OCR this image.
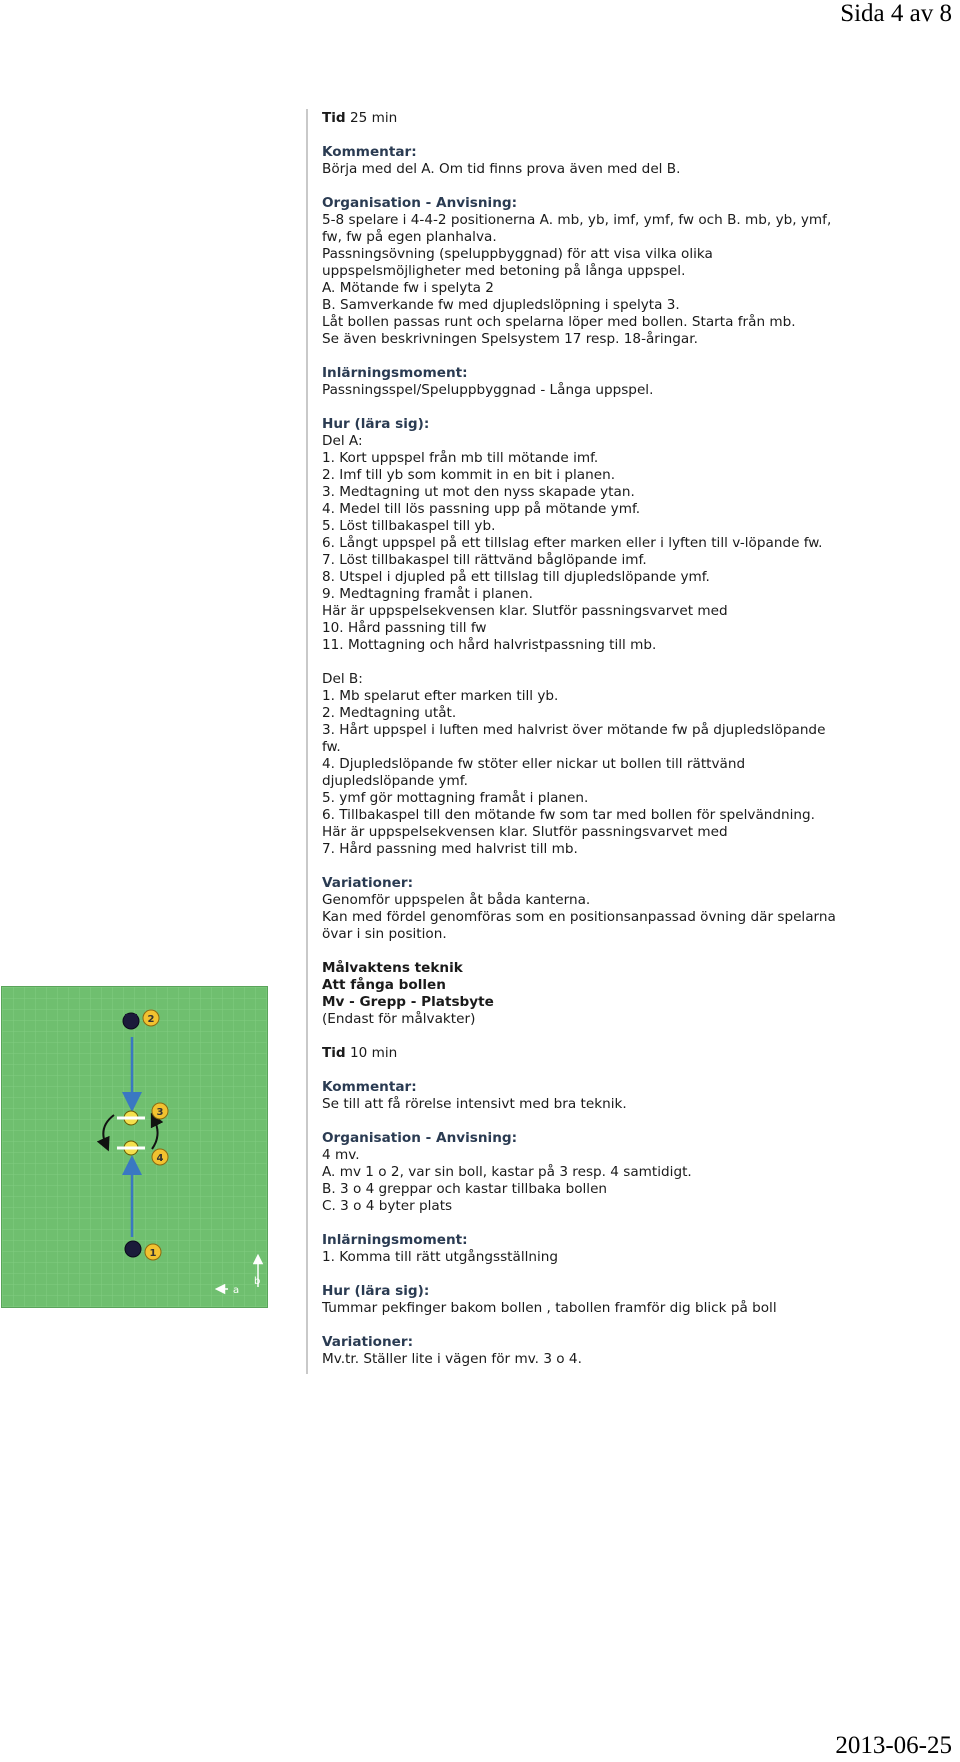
Sida 4 av 8
Tid 25 min
Kommentar:
Börja med del A. Om tid finns prova även med del B.
Organisation - Anvisning:
5-8 spelare i 4-4-2 positionerna A. mb, yb, imf, ymf, fw och B. mb, yb, ymf,
fw, fw på egen planhalva.
Passningsövning (speluppbyggnad) för att visa vilka olika
uppspelsmöjligheter med betoning på långa uppspel.
A. Mötande fw i spelyta 2
B. Samverkande fw med djupledslöpning i spelyta 3.
Låt bollen passas runt och spelarna löper med bollen. Starta från mb.
Se även beskrivningen Spelsystem 17 resp. 18-åringar.
Inlärningsmoment:
Passningsspel/Speluppbyggnad - Långa uppspel.
Hur (lära sig):
Del A:
1. Kort uppspel från mb till mötande imf.
2. Imf till yb som kommit in en bit i planen.
3. Medtagning ut mot den nyss skapade ytan.
4. Medel till lös passning upp på mötande ymf.
5. Löst tillbakaspel till yb.
6. Långt uppspel på ett tillslag efter marken eller i lyften till v-löpande fw.
7. Löst tillbakaspel till rättvänd båglöpande imf.
8. Utspel i djupled på ett tillslag till djupledslöpande ymf.
9. Medtagning framåt i planen.
Här är uppspelsekvensen klar. Slutför passningsvarvet med
10. Hård passning till fw
11. Mottagning och hård halvristpassning till mb.
Del B:
1. Mb spelarut efter marken till yb.
2. Medtagning utåt.
3. Hårt uppspel i luften med halvrist över mötande fw på djupledslöpande
fw.
4. Djupledslöpande fw stöter eller nickar ut bollen till rättvänd
djupledslöpande ymf.
5. ymf gör mottagning framåt i planen.
6. Tillbakaspel till den mötande fw som tar med bollen för spelvändning.
Här är uppspelsekvensen klar. Slutför passningsvarvet med
7. Hård passning med halvrist till mb.
Variationer:
Genomför uppspelen åt båda kanterna.
Kan med fördel genomföras som en positionsanpassad övning där spelarna
övar i sin position.
Målvaktens teknik
Att fånga bollen
Mv - Grepp - Platsbyte
(Endast för målvakter)
Tid 10 min
Kommentar:
Se till att få rörelse intensivt med bra teknik.
Organisation - Anvisning:
4 mv.
A. mv 1 o 2, var sin boll, kastar på 3 resp. 4 samtidigt.
B. 3 o 4 greppar och kastar tillbaka bollen
C. 3 o 4 byter plats
Inlärningsmoment:
1. Komma till rätt utgångsställning
Hur (lära sig):
Tummar pekfinger bakom bollen , tabollen framför dig blick på boll
Variationer:
Mv.tr. Ställer lite i vägen för mv. 3 o 4.
2
3
4
1
a
b
2013-06-25
